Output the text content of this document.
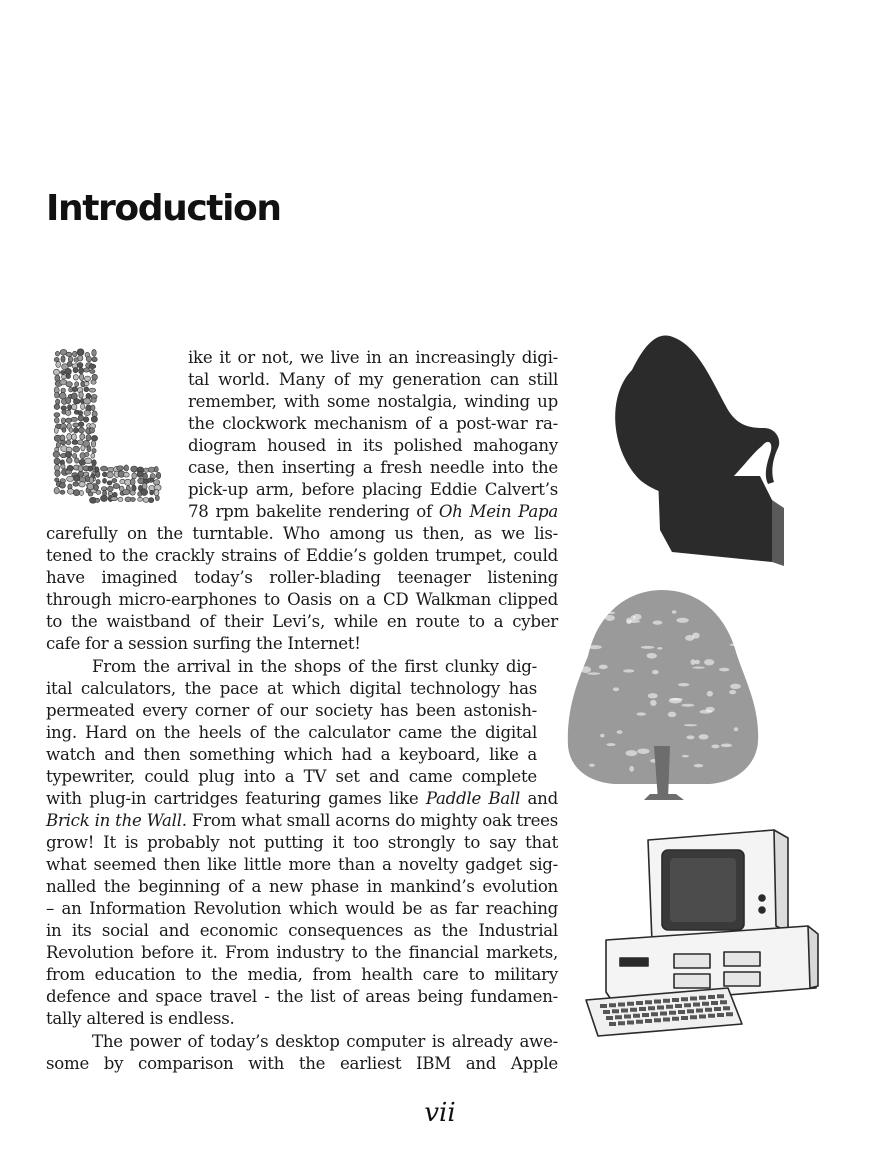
Introduction

ike it or not, we live in an increasingly digi-

tal world. Many of my generation can still

remember, with some nostalgia, winding up

the clockwork mechanism of a post-war ra-

diogram housed in its polished mahogany

case, then inserting a fresh needle into the

pick-up arm, before placing Eddie Calvert’s

78 rpm bakelite rendering of Oh Mein Papa

carefully on the turntable. Who among us then, as we lis-

tened to the crackly strains of Eddie’s golden trumpet, could

have imagined today’s roller-blading teenager listening

through micro-earphones to Oasis on a CD Walkman clipped

to the waistband of their Levi’s, while en route to a cyber

cafe for a session surfing the Internet!

From the arrival in the shops of the first clunky dig-

ital calculators, the pace at which digital technology has

permeated every corner of our society has been astonish-

ing. Hard on the heels of the calculator came the digital

watch and then something which had a keyboard, like a

typewriter, could plug into a TV set and came complete

with plug-in cartridges featuring games like Paddle Ball and

Brick in the Wall. From what small acorns do mighty oak trees

grow! It is probably not putting it too strongly to say that

what seemed then like little more than a novelty gadget sig-

nalled the beginning of a new phase in mankind’s evolution

– an Information Revolution which would be as far reaching

in its social and economic consequences as the Industrial

Revolution before it. From industry to the financial markets,

from education to the media, from health care to military

defence and space travel - the list of areas being fundamen-

tally altered is endless.

The power of today’s desktop computer is already awe-

some by comparison with the earliest IBM and Apple

vii
